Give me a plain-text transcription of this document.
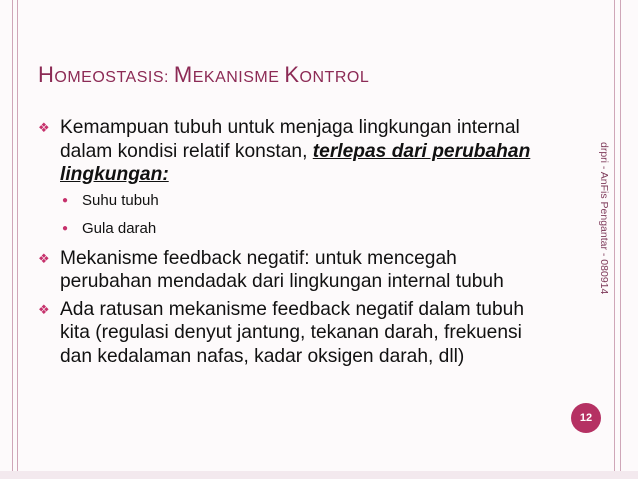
HOMEOSTASIS: MEKANISME KONTROL
❖ Kemampuan tubuh untuk menjaga lingkungan internal dalam kondisi relatif konstan, terlepas dari perubahan lingkungan:
● Suhu tubuh
● Gula darah
❖ Mekanisme feedback negatif: untuk mencegah perubahan mendadak dari lingkungan internal tubuh
❖ Ada ratusan mekanisme feedback negatif dalam tubuh kita (regulasi denyut jantung, tekanan darah, frekuensi dan kedalaman nafas, kadar oksigen darah, dll)
drpri - AnFis Pengantar - 080914
12
